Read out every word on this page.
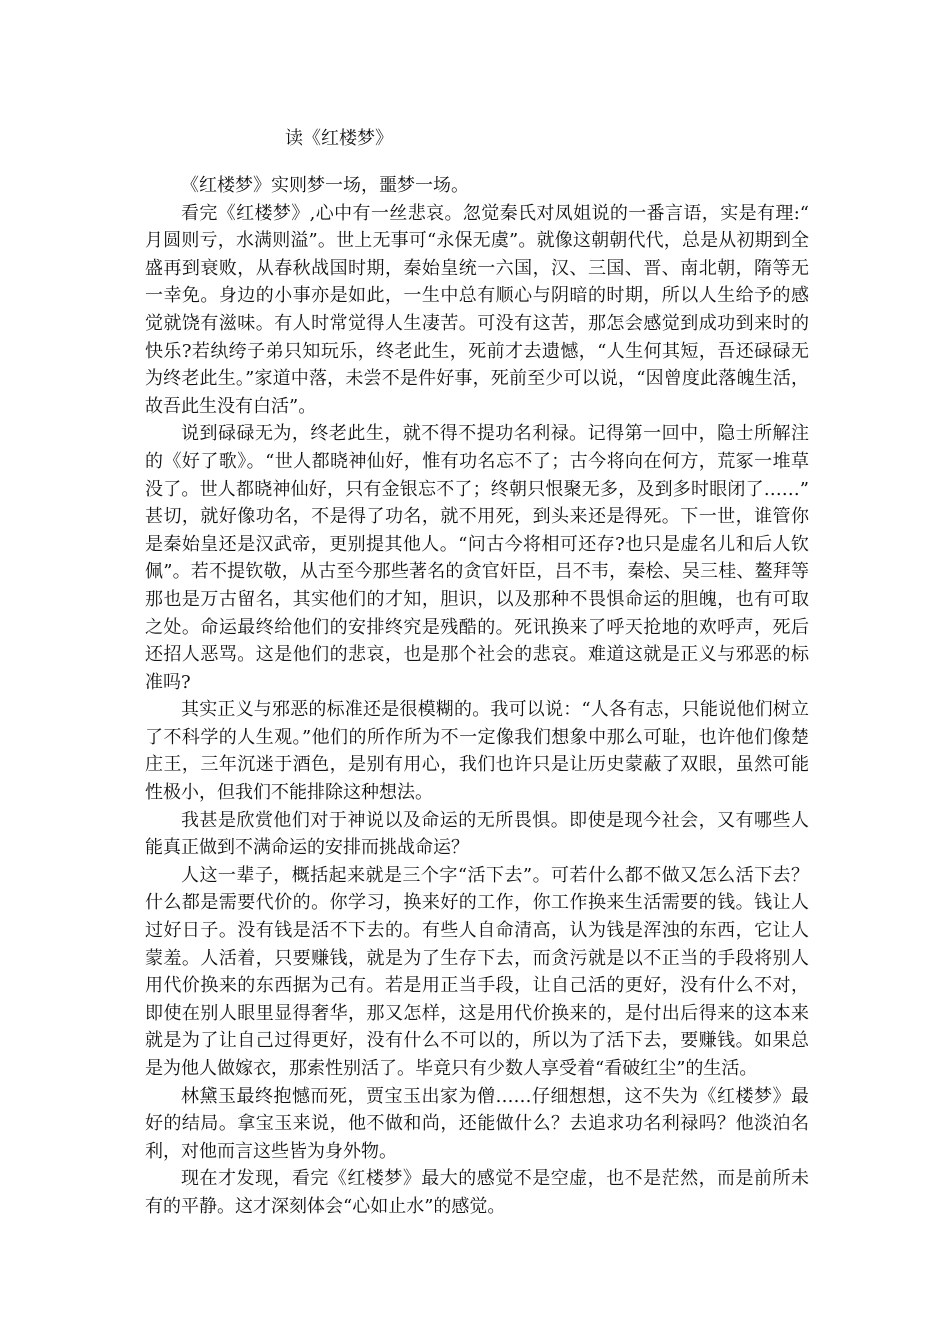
读《红楼梦》

《红楼梦》实则梦一场，噩梦一场。

看完《红楼梦》,心中有一丝悲哀。忽觉秦氏对凤姐说的一番言语，实是有理:“月圆则亏，水满则溢”。世上无事可“永保无虞”。就像这朝朝代代，总是从初期到全盛再到衰败，从春秋战国时期，秦始皇统一六国，汉、三国、晋、南北朝，隋等无一幸免。身边的小事亦是如此，一生中总有顺心与阴暗的时期，所以人生给予的感觉就饶有滋味。有人时常觉得人生凄苦。可没有这苦，那怎会感觉到成功到来时的快乐?若纨绔子弟只知玩乐，终老此生，死前才去遗憾，“人生何其短，吾还碌碌无为终老此生。”家道中落，未尝不是件好事，死前至少可以说，“因曾度此落魄生活，故吾此生没有白活”。

说到碌碌无为，终老此生，就不得不提功名利禄。记得第一回中，隐士所解注的《好了歌》。“世人都晓神仙好，惟有功名忘不了；古今将向在何方，荒冢一堆草没了。世人都晓神仙好，只有金银忘不了；终朝只恨聚无多，及到多时眼闭了……”甚切，就好像功名，不是得了功名，就不用死，到头来还是得死。下一世，谁管你是秦始皇还是汉武帝，更别提其他人。“问古今将相可还存?也只是虚名儿和后人钦佩”。若不提钦敬，从古至今那些著名的贪官奸臣，吕不韦，秦桧、吴三桂、鳌拜等那也是万古留名，其实他们的才知，胆识，以及那种不畏惧命运的胆魄，也有可取之处。命运最终给他们的安排终究是残酷的。死讯换来了呼天抢地的欢呼声，死后还招人恶骂。这是他们的悲哀，也是那个社会的悲哀。难道这就是正义与邪恶的标准吗?

其实正义与邪恶的标准还是很模糊的。我可以说：“人各有志，只能说他们树立了不科学的人生观。”他们的所作所为不一定像我们想象中那么可耻，也许他们像楚庄王，三年沉迷于酒色，是别有用心，我们也许只是让历史蒙蔽了双眼，虽然可能性极小，但我们不能排除这种想法。

我甚是欣赏他们对于神说以及命运的无所畏惧。即使是现今社会，又有哪些人能真正做到不满命运的安排而挑战命运？

人这一辈子，概括起来就是三个字“活下去”。可若什么都不做又怎么活下去？什么都是需要代价的。你学习，换来好的工作，你工作换来生活需要的钱。钱让人过好日子。没有钱是活不下去的。有些人自命清高，认为钱是浑浊的东西，它让人蒙羞。人活着，只要赚钱，就是为了生存下去，而贪污就是以不正当的手段将别人用代价换来的东西据为己有。若是用正当手段，让自己活的更好，没有什么不对，即使在别人眼里显得奢华，那又怎样，这是用代价换来的，是付出后得来的这本来就是为了让自己过得更好，没有什么不可以的，所以为了活下去，要赚钱。如果总是为他人做嫁衣，那索性别活了。毕竟只有少数人享受着“看破红尘”的生活。

林黛玉最终抱憾而死，贾宝玉出家为僧……仔细想想，这不失为《红楼梦》最好的结局。拿宝玉来说，他不做和尚，还能做什么？去追求功名利禄吗？他淡泊名利，对他而言这些皆为身外物。

现在才发现，看完《红楼梦》最大的感觉不是空虚，也不是茫然，而是前所未有的平静。这才深刻体会“心如止水”的感觉。
